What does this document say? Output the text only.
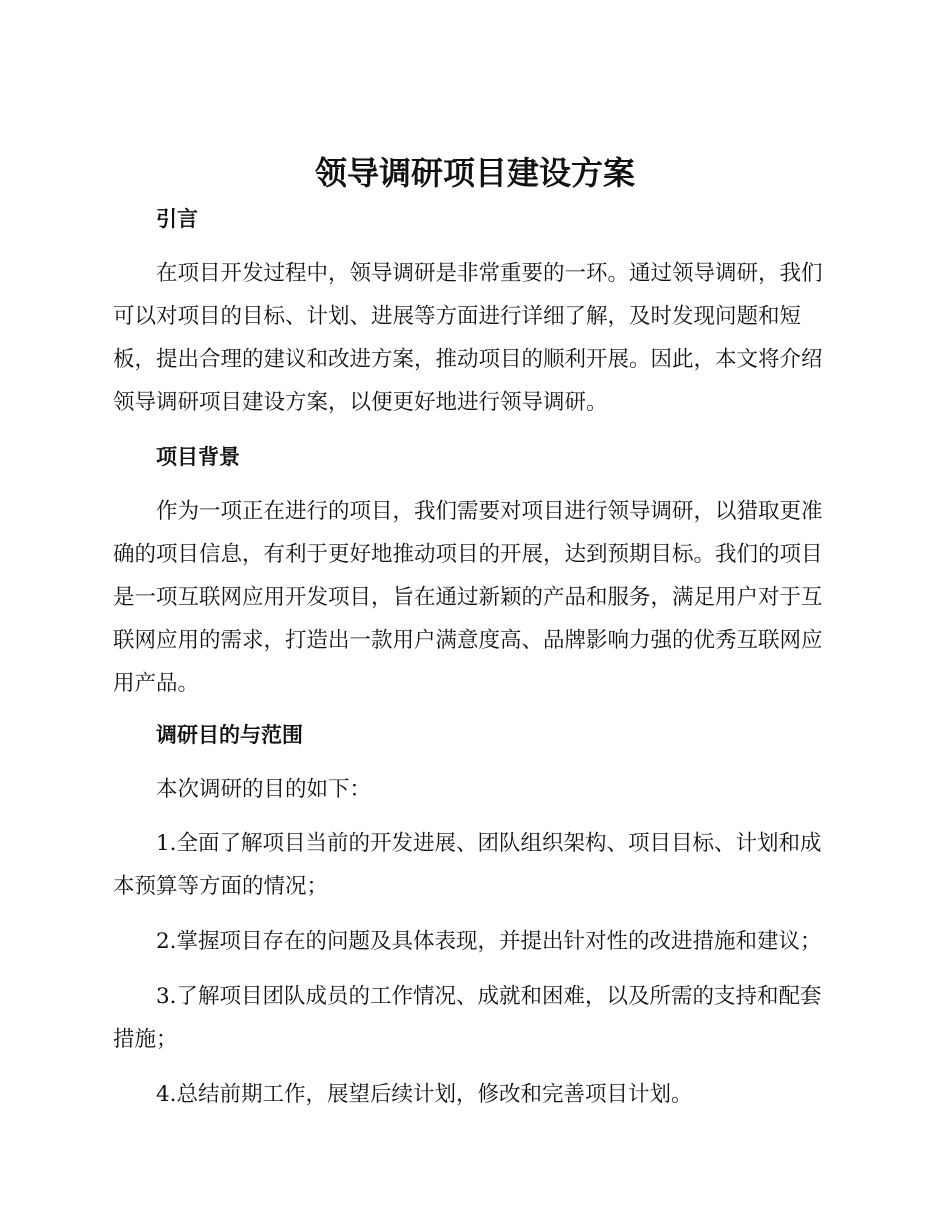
领导调研项目建设方案
引言

在项目开发过程中，领导调研是非常重要的一环。通过领导调研，我们
可以对项目的目标、计划、进展等方面进行详细了解，及时发现问题和短
板，提出合理的建议和改进方案，推动项目的顺利开展。因此，本文将介绍
领导调研项目建设方案，以便更好地进行领导调研。

项目背景

作为一项正在进行的项目，我们需要对项目进行领导调研，以猎取更准
确的项目信息，有利于更好地推动项目的开展，达到预期目标。我们的项目
是一项互联网应用开发项目，旨在通过新颖的产品和服务，满足用户对于互
联网应用的需求，打造出一款用户满意度高、品牌影响力强的优秀互联网应
用产品。

调研目的与范围

本次调研的目的如下：

1.全面了解项目当前的开发进展、团队组织架构、项目目标、计划和成
本预算等方面的情况；

2.掌握项目存在的问题及具体表现，并提出针对性的改进措施和建议；

3.了解项目团队成员的工作情况、成就和困难，以及所需的支持和配套
措施；

4.总结前期工作，展望后续计划，修改和完善项目计划。
